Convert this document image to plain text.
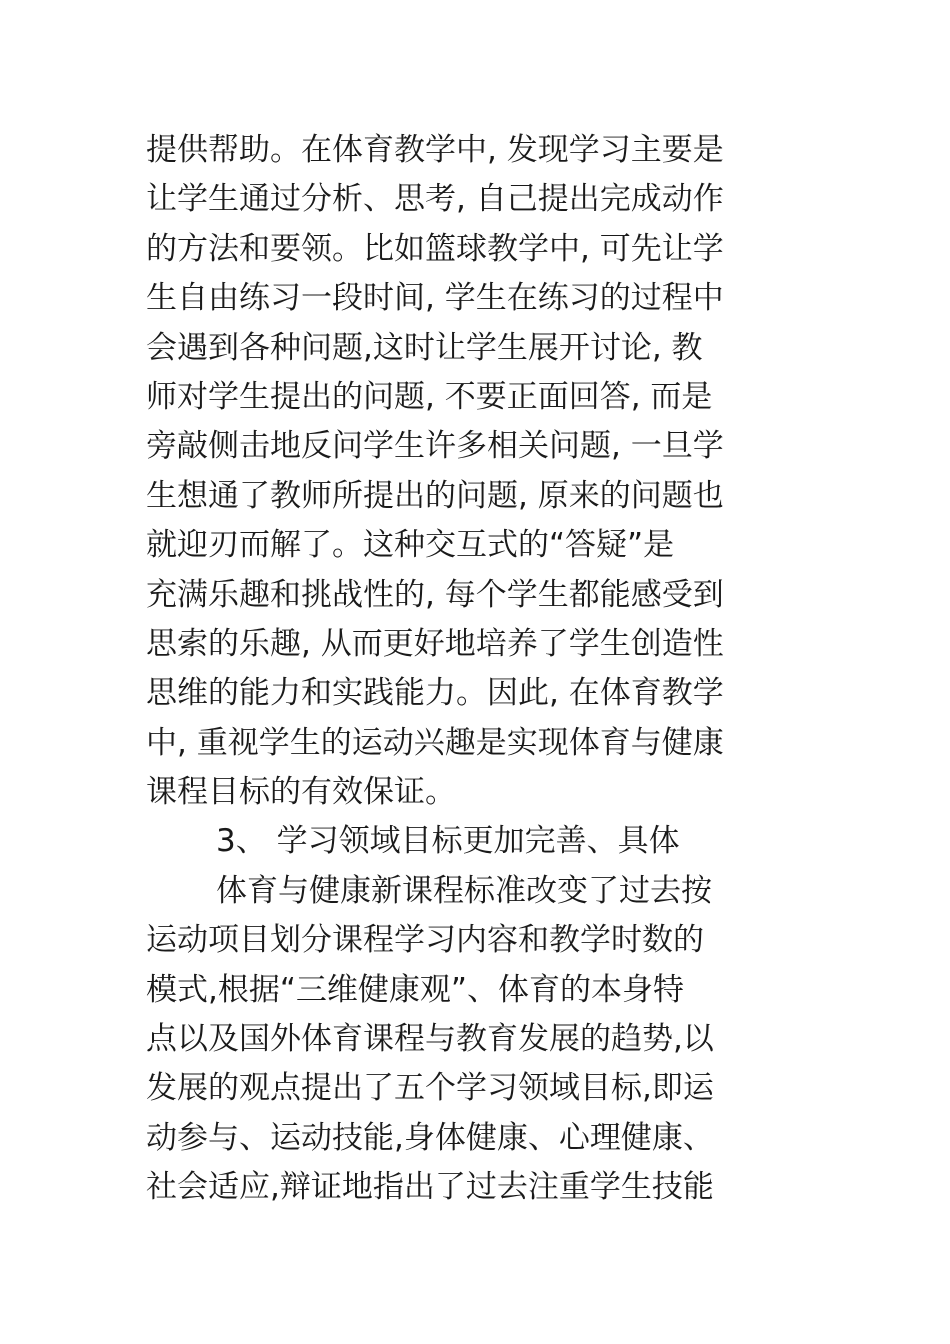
提供帮助。在体育教学中, 发现学习主要是
让学生通过分析、思考, 自己提出完成动作
的方法和要领。比如篮球教学中, 可先让学
生自由练习一段时间, 学生在练习的过程中
会遇到各种问题,这时让学生展开讨论, 教
师对学生提出的问题, 不要正面回答, 而是
旁敲侧击地反问学生许多相关问题, 一旦学
生想通了教师所提出的问题, 原来的问题也
就迎刃而解了。这种交互式的“答疑”是
充满乐趣和挑战性的, 每个学生都能感受到
思索的乐趣, 从而更好地培养了学生创造性
思维的能力和实践能力。因此, 在体育教学
中, 重视学生的运动兴趣是实现体育与健康
课程目标的有效保证。
3、 学习领域目标更加完善、具体
体育与健康新课程标准改变了过去按
运动项目划分课程学习内容和教学时数的
模式,根据“三维健康观”、体育的本身特
点以及国外体育课程与教育发展的趋势,以
发展的观点提出了五个学习领域目标,即运
动参与、运动技能,身体健康、心理健康、
社会适应,辩证地指出了过去注重学生技能
